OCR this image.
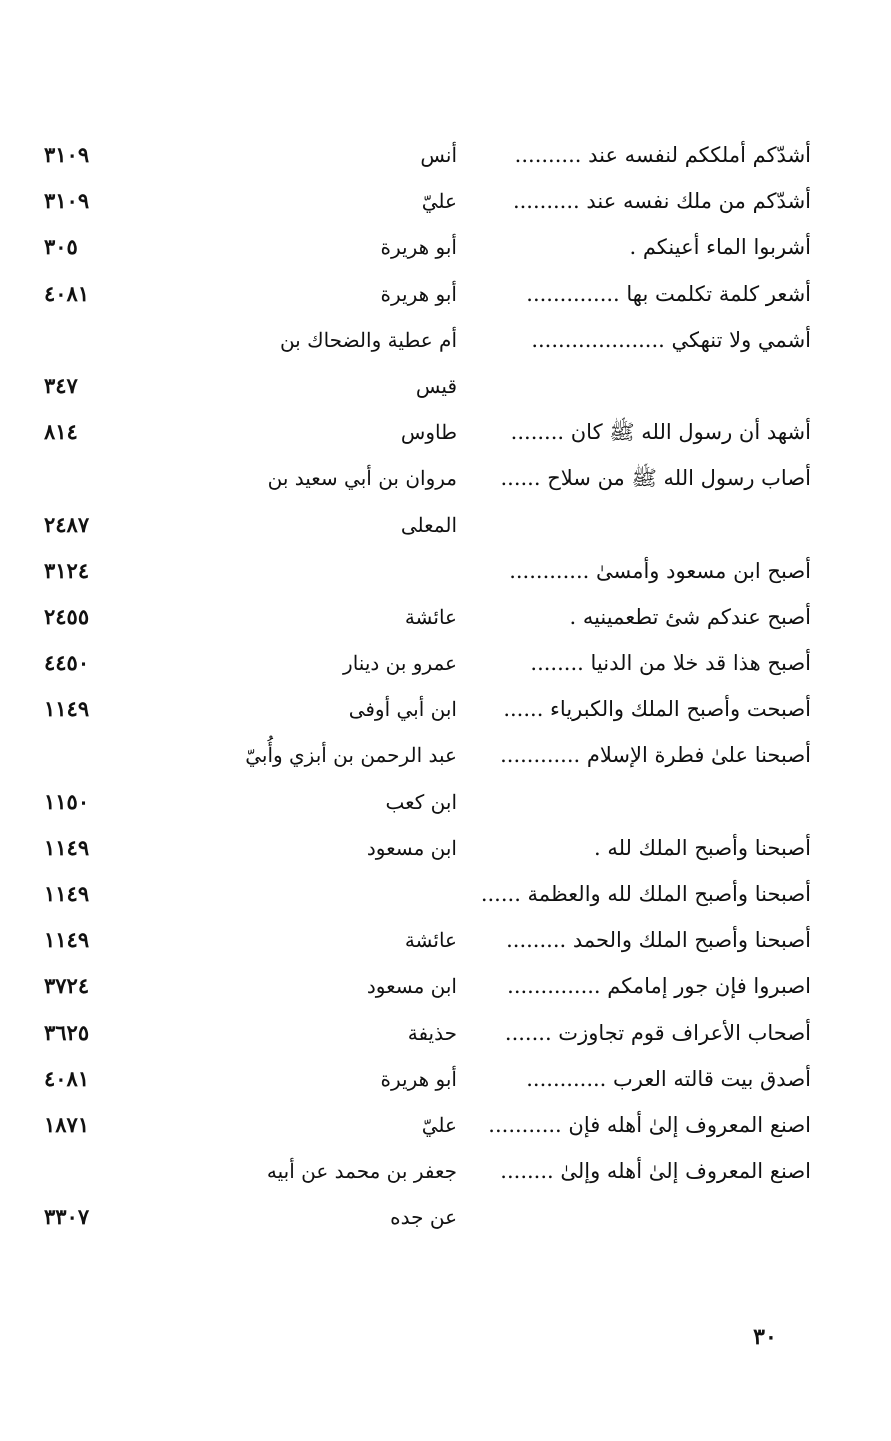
أشدّكم أملككم لنفسه عند ..........
أنس
٣١٠٩
أشدّكم من ملك نفسه عند ..........
عليّ
٣١٠٩
أشربوا الماء أعينكم .
أبو هريرة
٣٠٥
أشعر كلمة تكلمت بها ..............
أبو هريرة
٤٠٨١
أشمي ولا تنهكي ....................
أم عطية والضحاك بن
قيس
٣٤٧
أشهد أن رسول الله ﷺ كان ........
طاوس
٨١٤
أصاب رسول الله ﷺ من سلاح ......
مروان بن أبي سعيد بن
المعلى
٢٤٨٧
أصبح ابن مسعود وأمسىٰ ............
٣١٢٤
أصبح عندكم شئ تطعمينيه .
عائشة
٢٤٥٥
أصبح هذا قد خلا من الدنيا ........
عمرو بن دينار
٤٤٥٠
أصبحت وأصبح الملك والكبرياء ......
ابن أبي أوفى
١١٤٩
أصبحنا علىٰ فطرة الإسلام ............
عبد الرحمن بن أبزي وأُبيّ
ابن كعب
١١٥٠
أصبحنا وأصبح الملك لله .
ابن مسعود
١١٤٩
أصبحنا وأصبح الملك لله والعظمة ......
١١٤٩
أصبحنا وأصبح الملك والحمد .........
عائشة
١١٤٩
اصبروا فإن جور إمامكم ..............
ابن مسعود
٣٧٢٤
أصحاب الأعراف قوم تجاوزت .......
حذيفة
٣٦٢٥
أصدق بيت قالته العرب ............
أبو هريرة
٤٠٨١
اصنع المعروف إلىٰ أهله فإن ...........
عليّ
١٨٧١
اصنع المعروف إلىٰ أهله وإلىٰ ........
جعفر بن محمد عن أبيه
عن جده
٣٣٠٧
٣٠
